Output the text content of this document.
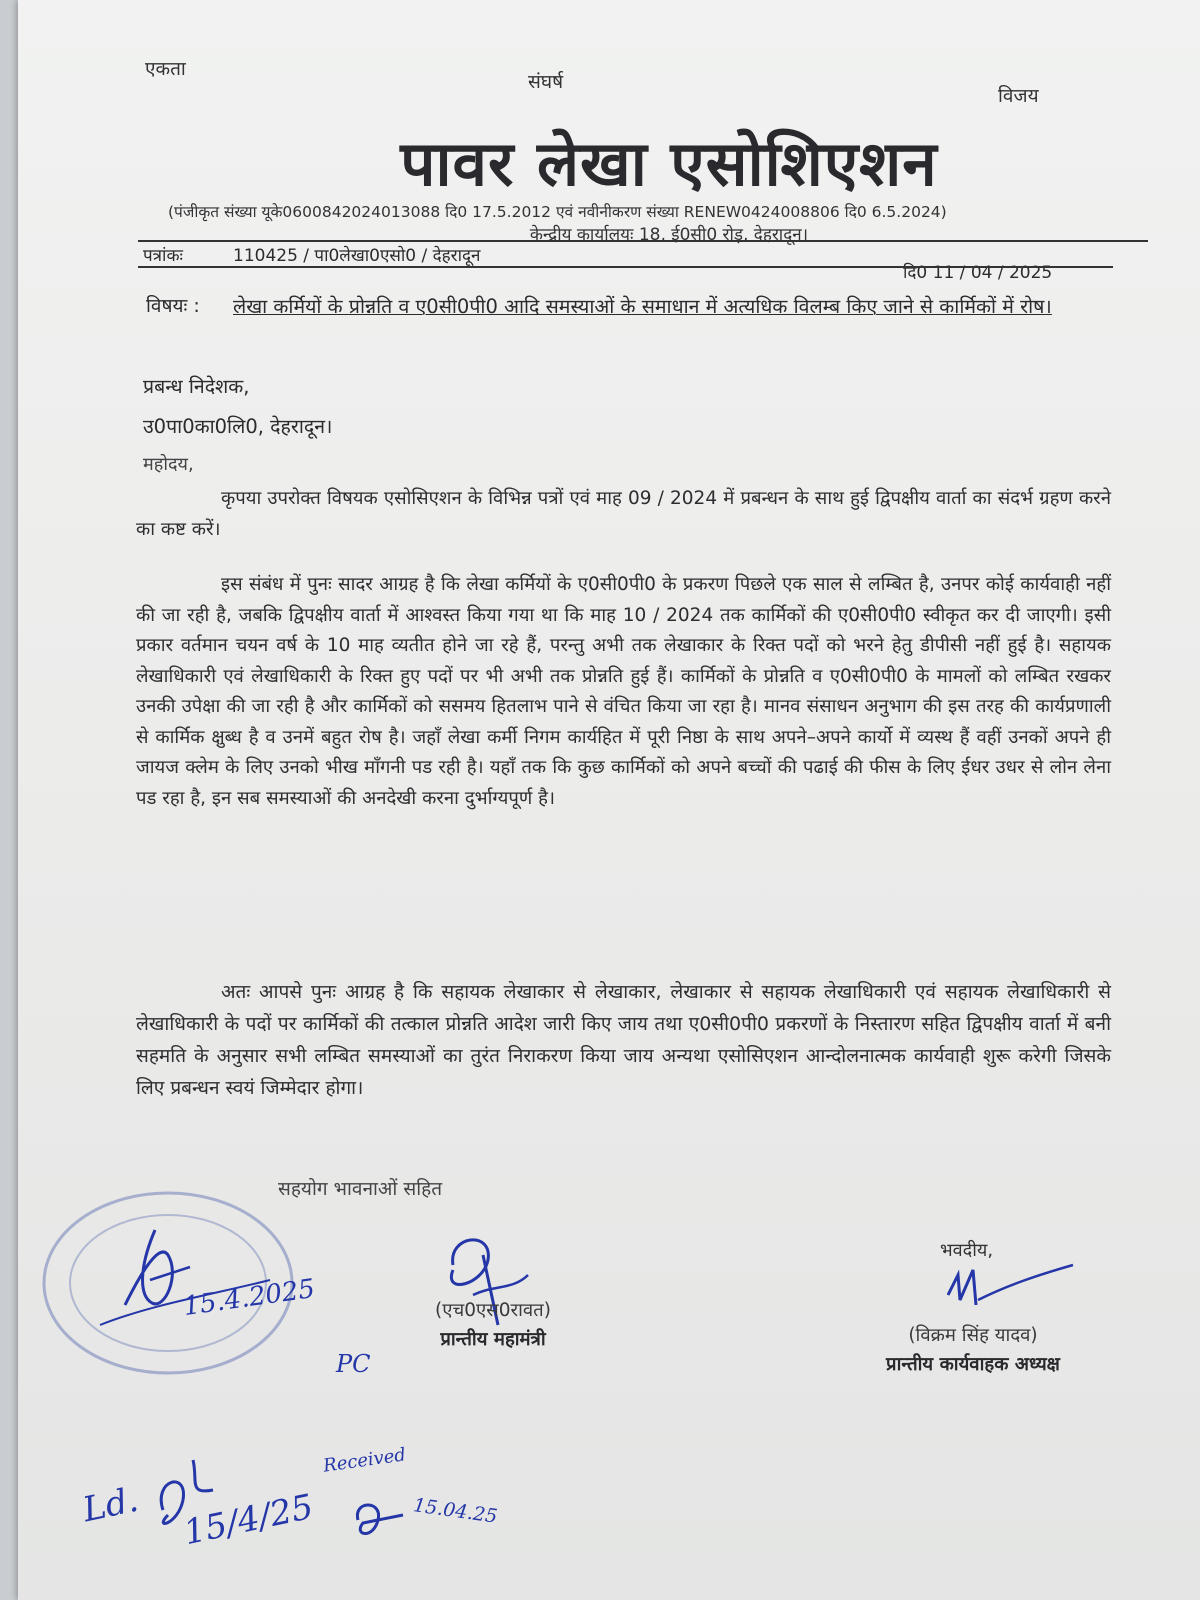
एकता
संघर्ष
विजय
पावर लेखा एसोशिएशन
(पंजीकृत संख्या यूके0600842024013088 दि0 17.5.2012 एवं नवीनीकरण संख्या RENEW0424008806 दि0 6.5.2024)
केन्द्रीय कार्यालयः 18, ई0सी0 रोड़, देहरादून।
पत्रांकः	110425 / पा0लेखा0एसो0 / देहरादून
दि0 11 / 04 / 2025
विषयः : लेखा कर्मियों के प्रोन्नति व ए0सी0पी0 आदि समस्याओं के समाधान में अत्यधिक विलम्ब किए जाने से कार्मिकों में रोष।
प्रबन्ध निदेशक,
उ0पा0का0लि0, देहरादून।
महोदय,
कृपया उपरोक्त विषयक एसोसिएशन के विभिन्न पत्रों एवं माह 09 / 2024 में प्रबन्धन के साथ हुई द्विपक्षीय वार्ता का संदर्भ ग्रहण करने का कष्ट करें।
इस संबंध में पुनः सादर आग्रह है कि लेखा कर्मियों के ए0सी0पी0 के प्रकरण पिछले एक साल से लम्बित है, उनपर कोई कार्यवाही नहीं की जा रही है, जबकि द्विपक्षीय वार्ता में आश्वस्त किया गया था कि माह 10 / 2024 तक कार्मिकों की ए0सी0पी0 स्वीकृत कर दी जाएगी। इसी प्रकार वर्तमान चयन वर्ष के 10 माह व्यतीत होने जा रहे हैं, परन्तु अभी तक लेखाकार के रिक्त पदों को भरने हेतु डीपीसी नहीं हुई है। सहायक लेखाधिकारी एवं लेखाधिकारी के रिक्त हुए पदों पर भी अभी तक प्रोन्नति हुई हैं। कार्मिकों के प्रोन्नति व ए0सी0पी0 के मामलों को लम्बित रखकर उनकी उपेक्षा की जा रही है और कार्मिकों को ससमय हितलाभ पाने से वंचित किया जा रहा है। मानव संसाधन अनुभाग की इस तरह की कार्यप्रणाली से कार्मिक क्षुब्ध है व उनमें बहुत रोष है। जहॉं लेखा कर्मी निगम कार्यहित में पूरी निष्ठा के साथ अपने–अपने कार्यो में व्यस्थ हैं वहीं उनकों अपने ही जायज क्लेम के लिए उनको भीख मॉंगनी पड रही है। यहॉं तक कि कुछ कार्मिकों को अपने बच्चों की पढाई की फीस के लिए ईधर उधर से लोन लेना पड रहा है, इन सब समस्याओं की अनदेखी करना दुर्भाग्यपूर्ण है।
अतः आपसे पुनः आग्रह है कि सहायक लेखाकार से लेखाकार, लेखाकार से सहायक लेखाधिकारी एवं सहायक लेखाधिकारी से लेखाधिकारी के पदों पर कार्मिकों की तत्काल प्रोन्नति आदेश जारी किए जाय तथा ए0सी0पी0 प्रकरणों के निस्तारण सहित द्विपक्षीय वार्ता में बनी सहमति के अनुसार सभी लम्बित समस्याओं का तुरंत निराकरण किया जाय अन्यथा एसोसिएशन आन्दोलनात्मक कार्यवाही शुरू करेगी जिसके लिए प्रबन्धन स्वयं जिम्मेदार होगा।
सहयोग भावनाओं सहित
भवदीय,
15.4.2025	(एच0एस0रावत)
प्रान्तीय महामंत्री
PC
(विक्रम सिंह यादव)
प्रान्तीय कार्यवाहक अध्यक्ष
Ld. 15/4/25
Received
15.04.25
